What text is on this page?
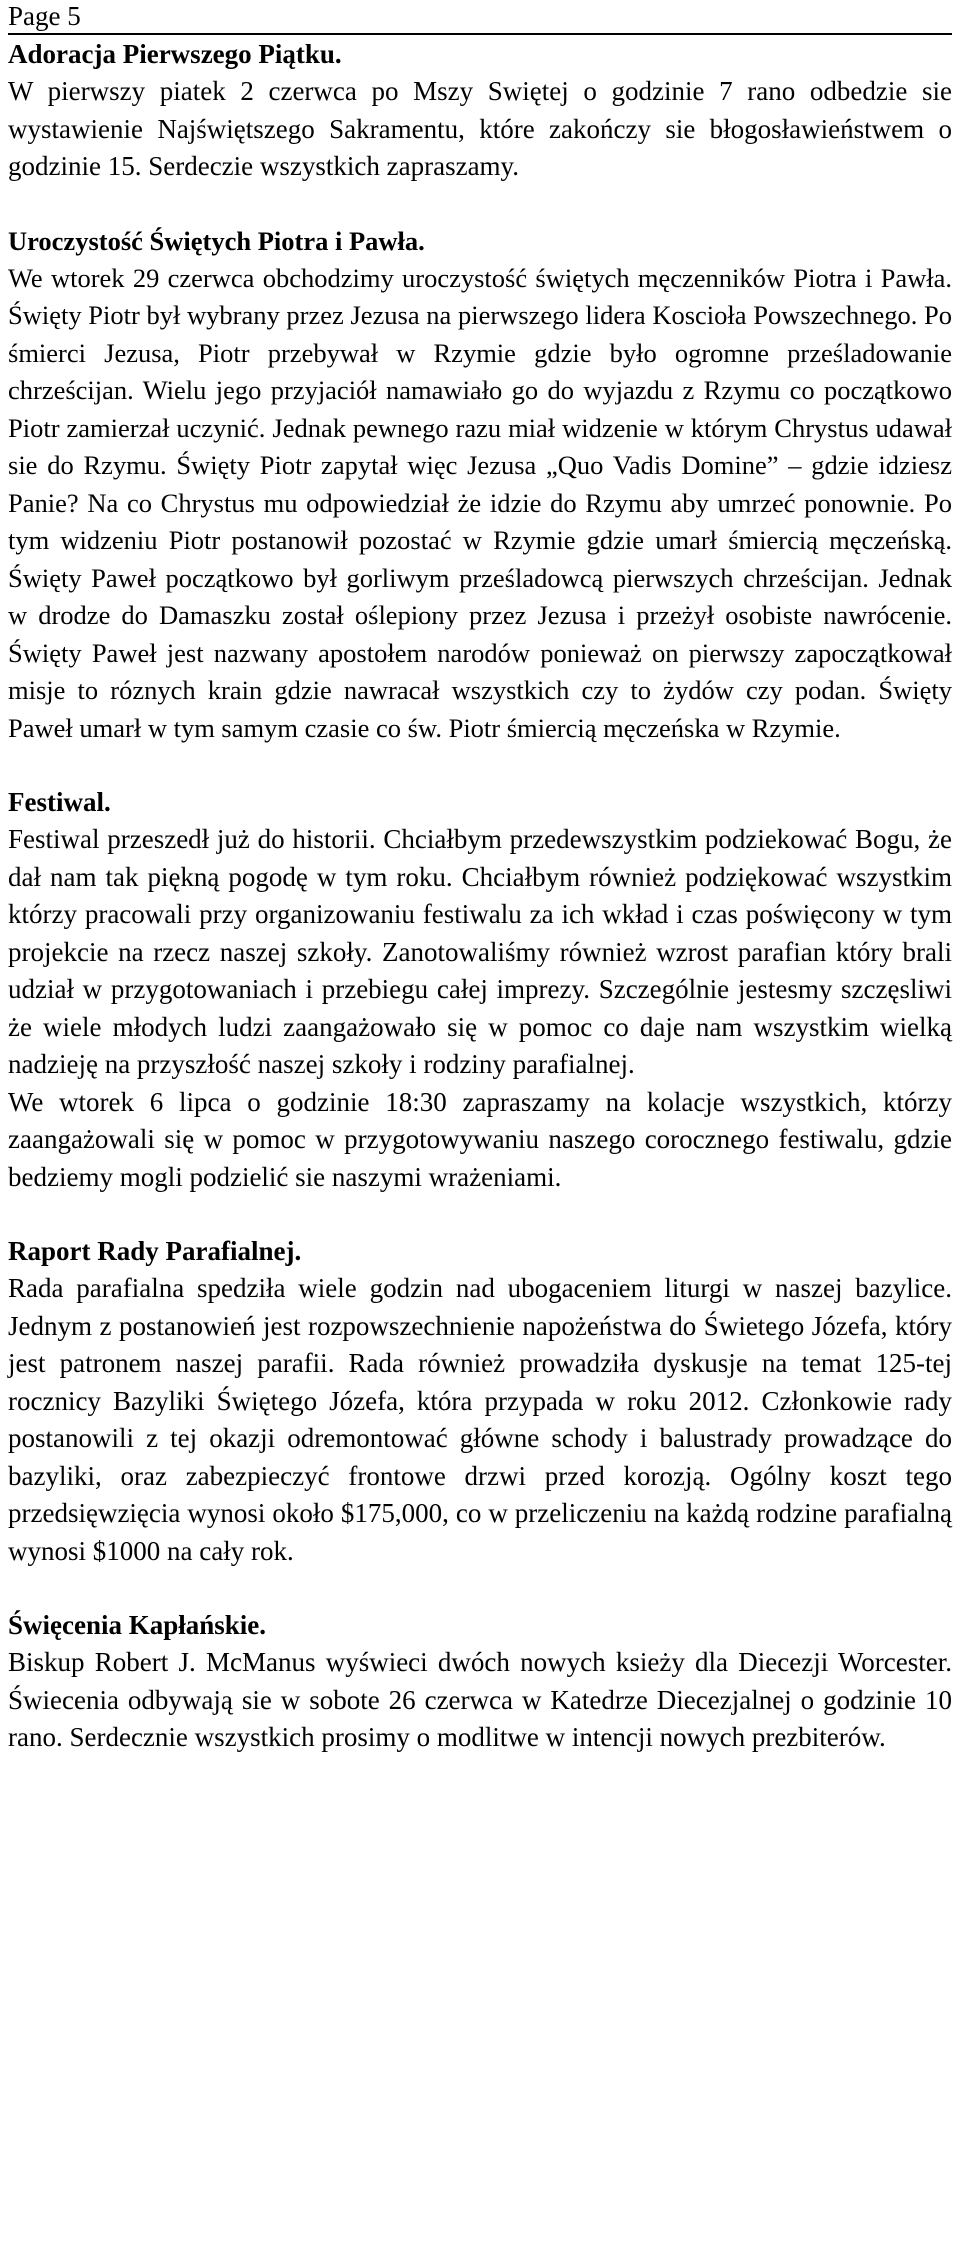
Page 5
Adoracja Pierwszego Piątku.

W pierwszy piatek 2 czerwca po Mszy Swiętej o godzinie 7 rano odbedzie sie wystawienie Najświętszego Sakramentu, które zakończy sie błogosławieństwem o godzinie 15. Serdeczie wszystkich zapraszamy.

Uroczystość Świętych Piotra i Pawła.

We wtorek 29 czerwca obchodzimy uroczystość świętych męczenników Piotra i Pawła. Święty Piotr był wybrany przez Jezusa na pierwszego lidera Koscioła Powszechnego. Po śmierci Jezusa, Piotr przebywał w Rzymie gdzie było ogromne prześladowanie chrześcijan. Wielu jego przyjaciół namawiało go do wyjazdu z Rzymu co początkowo Piotr zamierzał uczynić. Jednak pewnego razu miał widzenie w którym Chrystus udawał sie do Rzymu. Święty Piotr zapytał więc Jezusa „Quo Vadis Domine” – gdzie idziesz Panie? Na co Chrystus mu odpowiedział że idzie do Rzymu aby umrzeć ponownie. Po tym widzeniu Piotr postanowił pozostać w Rzymie gdzie umarł śmiercią męczeńską. Święty Paweł początkowo był gorliwym prześladowcą pierwszych chrześcijan. Jednak w drodze do Damaszku został oślepiony przez Jezusa i przeżył osobiste nawrócenie. Święty Paweł jest nazwany apostołem narodów ponieważ on pierwszy zapoczątkował misje to róznych krain gdzie nawracał wszystkich czy to żydów czy podan. Święty Paweł umarł w tym samym czasie co św. Piotr śmiercią męczeńska w Rzymie.

Festiwal.

Festiwal przeszedł już do historii. Chciałbym przedewszystkim podziekować Bogu, że dał nam tak piękną pogodę w tym roku. Chciałbym również podziękować wszystkim którzy pracowali przy organizowaniu festiwalu za ich wkład i czas poświęcony w tym projekcie na rzecz naszej szkoły. Zanotowaliśmy również wzrost parafian który brali udział w przygotowaniach i przebiegu całej imprezy. Szczególnie jestesmy szczęsliwi że wiele młodych ludzi zaangażowało się w pomoc co daje nam wszystkim wielką nadzieję na przyszłość naszej szkoły i rodziny parafialnej.

We wtorek 6 lipca o godzinie 18:30 zapraszamy na kolacje wszystkich, którzy zaangażowali się w pomoc w przygotowywaniu naszego corocznego festiwalu, gdzie bedziemy mogli podzielić sie naszymi wrażeniami.

Raport Rady Parafialnej.

Rada parafialna spedziła wiele godzin nad ubogaceniem liturgi w naszej bazylice. Jednym z postanowień jest rozpowszechnienie napożeństwa do Świetego Józefa, który jest patronem naszej parafii. Rada również prowadziła dyskusje na temat 125-tej rocznicy Bazyliki Świętego Józefa, która przypada w roku 2012. Członkowie rady postanowili z tej okazji odremontować główne schody i balustrady prowadzące do bazyliki, oraz zabezpieczyć frontowe drzwi przed korozją. Ogólny koszt tego przedsięwzięcia wynosi około $175,000, co w przeliczeniu na każdą rodzine parafialną wynosi $1000 na cały rok.

Święcenia Kapłańskie.

Biskup Robert J. McManus wyświeci dwóch nowych ksieży dla Diecezji Worcester. Świecenia odbywają sie w sobote 26 czerwca w Katedrze Diecezjalnej o godzinie 10 rano. Serdecznie wszystkich prosimy o modlitwe w intencji nowych prezbiterów.
